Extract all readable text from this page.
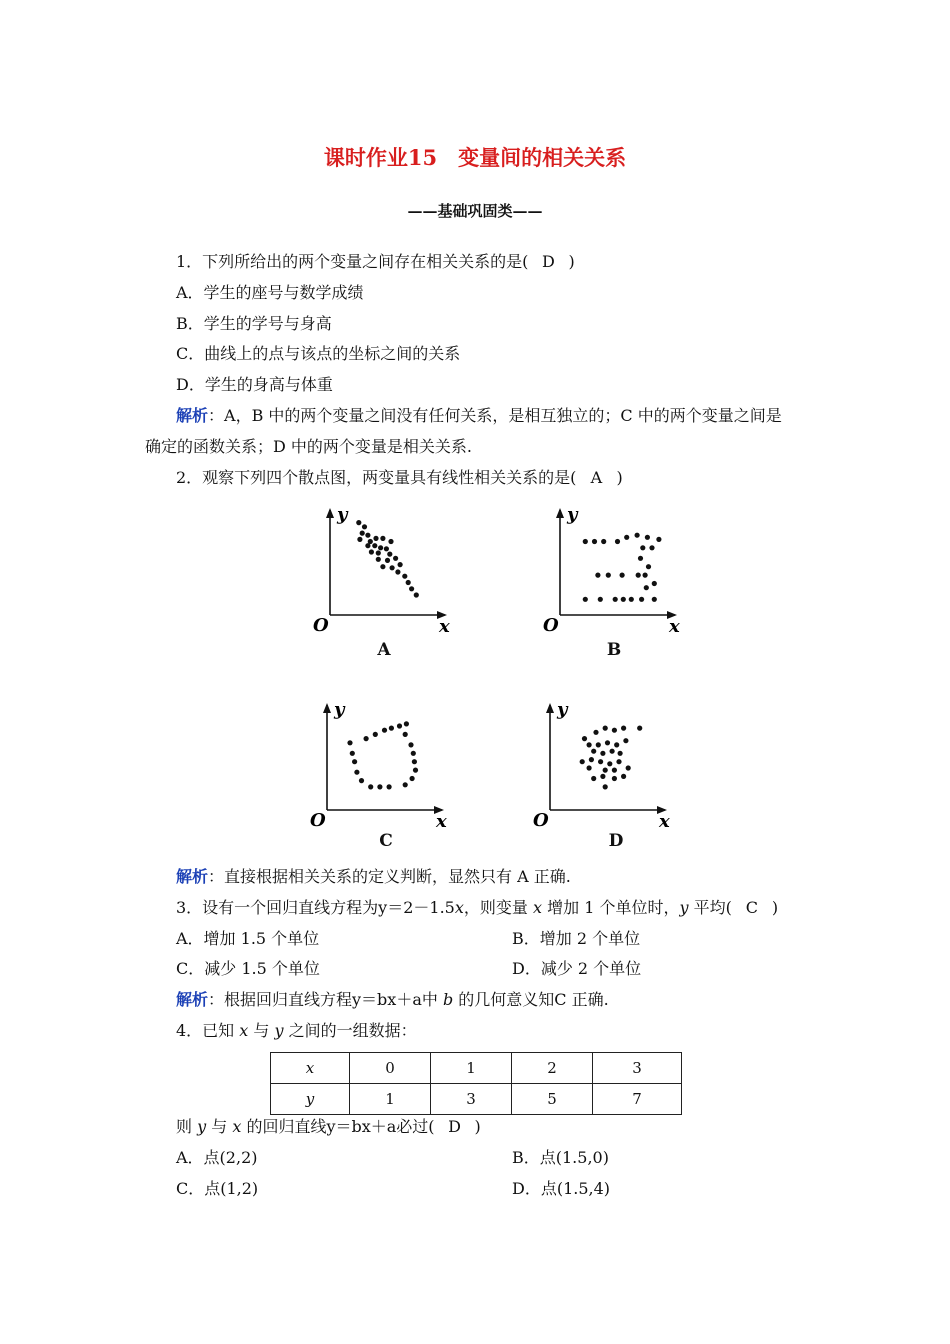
课时作业15　变量间的相关关系
——基础巩固类——
1．下列所给出的两个变量之间存在相关关系的是( D )
A．学生的座号与数学成绩
B．学生的学号与身高
C．曲线上的点与该点的坐标之间的关系
D．学生的身高与体重
解析：A，B 中的两个变量之间没有任何关系，是相互独立的；C 中的两个变量之间是
确定的函数关系；D 中的两个变量是相关关系.
2．观察下列四个散点图，两变量具有线性相关关系的是( A )
y
x
O
A
y
x
O
B
y
x
O
C
y
x
O
D
解析：直接根据相关关系的定义判断，显然只有 A 正确.
3．设有一个回归直线方程为y＝2－1.5x，则变量 x 增加 1 个单位时，y 平均( C )
A．增加 1.5 个单位	B．增加 2 个单位
C．减少 1.5 个单位	D．减少 2 个单位
解析：根据回归直线方程y＝bx＋a中 b 的几何意义知C 正确.
4．已知 x 与 y 之间的一组数据：
x	0	1	2	3
y	1	3	5	7
则 y 与 x 的回归直线y＝bx＋a必过( D )
A．点(2,2)	B．点(1.5,0)
C．点(1,2)	D．点(1.5,4)
